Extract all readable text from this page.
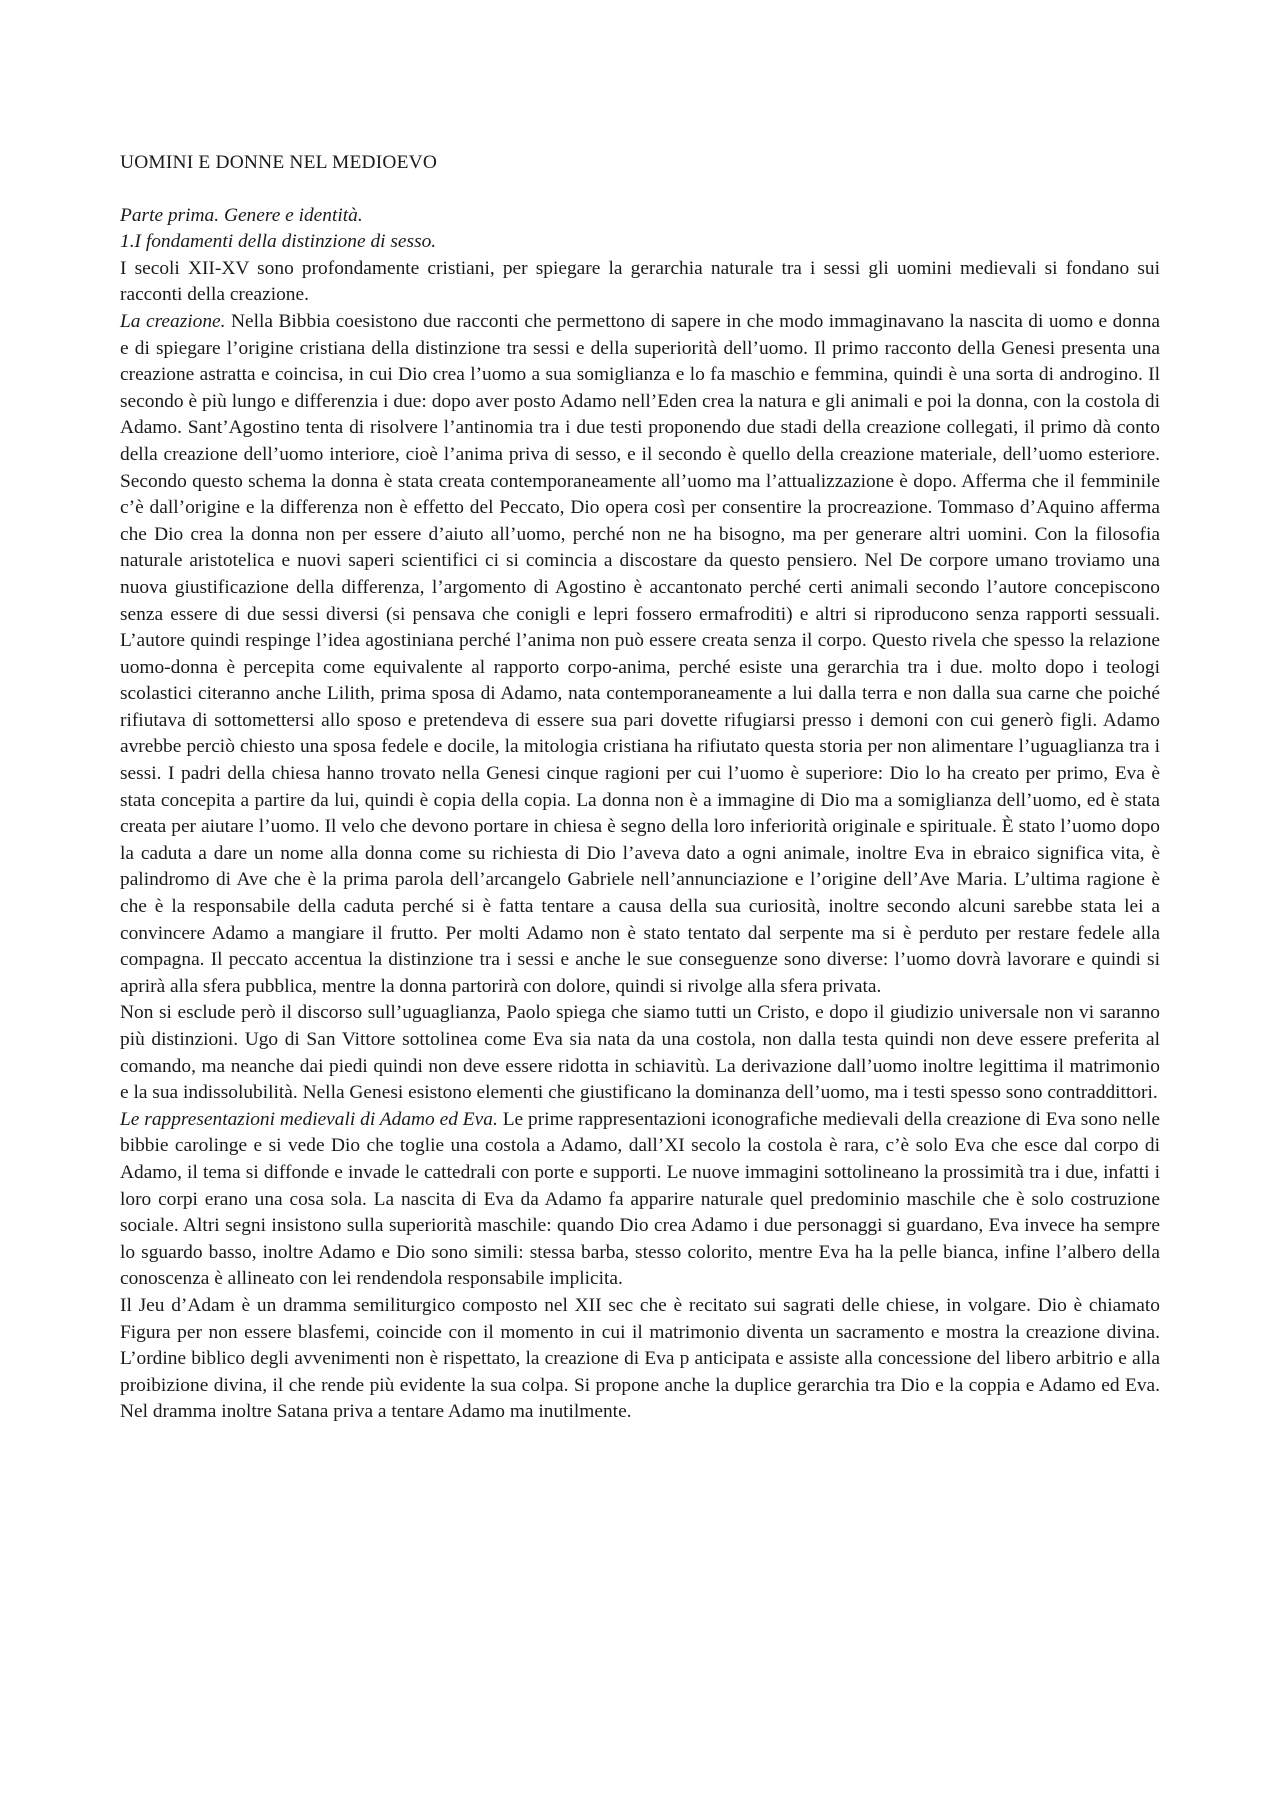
UOMINI E DONNE NEL MEDIOEVO

Parte prima. Genere e identità.

1.I fondamenti della distinzione di sesso.

I secoli XII-XV sono profondamente cristiani, per spiegare la gerarchia naturale tra i sessi gli uomini medievali si fondano sui racconti della creazione.

La creazione. Nella Bibbia coesistono due racconti che permettono di sapere in che modo immaginavano la nascita di uomo e donna e di spiegare l’origine cristiana della distinzione tra sessi e della superiorità dell’uomo. Il primo racconto della Genesi presenta una creazione astratta e coincisa, in cui Dio crea l’uomo a sua somiglianza e lo fa maschio e femmina, quindi è una sorta di androgino. Il secondo è più lungo e differenzia i due: dopo aver posto Adamo nell’Eden crea la natura e gli animali e poi la donna, con la costola di Adamo. Sant’Agostino tenta di risolvere l’antinomia tra i due testi proponendo due stadi della creazione collegati, il primo dà conto della creazione dell’uomo interiore, cioè l’anima priva di sesso, e il secondo è quello della creazione materiale, dell’uomo esteriore. Secondo questo schema la donna è stata creata contemporaneamente all’uomo ma l’attualizzazione è dopo. Afferma che il femminile c’è dall’origine e la differenza non è effetto del Peccato, Dio opera così per consentire la procreazione. Tommaso d’Aquino afferma che Dio crea la donna non per essere d’aiuto all’uomo, perché non ne ha bisogno, ma per generare altri uomini. Con la filosofia naturale aristotelica e nuovi saperi scientifici ci si comincia a discostare da questo pensiero. Nel De corpore umano troviamo una nuova giustificazione della differenza, l’argomento di Agostino è accantonato perché certi animali secondo l’autore concepiscono senza essere di due sessi diversi (si pensava che conigli e lepri fossero ermafroditi) e altri si riproducono senza rapporti sessuali. L’autore quindi respinge l’idea agostiniana perché l’anima non può essere creata senza il corpo. Questo rivela che spesso la relazione uomo-donna è percepita come equivalente al rapporto corpo-anima, perché esiste una gerarchia tra i due. molto dopo i teologi scolastici citeranno anche Lilith, prima sposa di Adamo, nata contemporaneamente a lui dalla terra e non dalla sua carne che poiché rifiutava di sottomettersi allo sposo e pretendeva di essere sua pari dovette rifugiarsi presso i demoni con cui generò figli. Adamo avrebbe perciò chiesto una sposa fedele e docile, la mitologia cristiana ha rifiutato questa storia per non alimentare l’uguaglianza tra i sessi. I padri della chiesa hanno trovato nella Genesi cinque ragioni per cui l’uomo è superiore: Dio lo ha creato per primo, Eva è stata concepita a partire da lui, quindi è copia della copia. La donna non è a immagine di Dio ma a somiglianza dell’uomo, ed è stata creata per aiutare l’uomo. Il velo che devono portare in chiesa è segno della loro inferiorità originale e spirituale. È stato l’uomo dopo la caduta a dare un nome alla donna come su richiesta di Dio l’aveva dato a ogni animale, inoltre Eva in ebraico significa vita, è palindromo di Ave che è la prima parola dell’arcangelo Gabriele nell’annunciazione e l’origine dell’Ave Maria. L’ultima ragione è che è la responsabile della caduta perché si è fatta tentare a causa della sua curiosità, inoltre secondo alcuni sarebbe stata lei a convincere Adamo a mangiare il frutto. Per molti Adamo non è stato tentato dal serpente ma si è perduto per restare fedele alla compagna. Il peccato accentua la distinzione tra i sessi e anche le sue conseguenze sono diverse: l’uomo dovrà lavorare e quindi si aprirà alla sfera pubblica, mentre la donna partorirà con dolore, quindi si rivolge alla sfera privata.

Non si esclude però il discorso sull’uguaglianza, Paolo spiega che siamo tutti un Cristo, e dopo il giudizio universale non vi saranno più distinzioni. Ugo di San Vittore sottolinea come Eva sia nata da una costola, non dalla testa quindi non deve essere preferita al comando, ma neanche dai piedi quindi non deve essere ridotta in schiavitù. La derivazione dall’uomo inoltre legittima il matrimonio e la sua indissolubilità. Nella Genesi esistono elementi che giustificano la dominanza dell’uomo, ma i testi spesso sono contraddittori.

Le rappresentazioni medievali di Adamo ed Eva. Le prime rappresentazioni iconografiche medievali della creazione di Eva sono nelle bibbie carolinge e si vede Dio che toglie una costola a Adamo, dall’XI secolo la costola è rara, c’è solo Eva che esce dal corpo di Adamo, il tema si diffonde e invade le cattedrali con porte e supporti. Le nuove immagini sottolineano la prossimità tra i due, infatti i loro corpi erano una cosa sola. La nascita di Eva da Adamo fa apparire naturale quel predominio maschile che è solo costruzione sociale. Altri segni insistono sulla superiorità maschile: quando Dio crea Adamo i due personaggi si guardano, Eva invece ha sempre lo sguardo basso, inoltre Adamo e Dio sono simili: stessa barba, stesso colorito, mentre Eva ha la pelle bianca, infine l’albero della conoscenza è allineato con lei rendendola responsabile implicita.

Il Jeu d’Adam è un dramma semiliturgico composto nel XII sec che è recitato sui sagrati delle chiese, in volgare. Dio è chiamato Figura per non essere blasfemi, coincide con il momento in cui il matrimonio diventa un sacramento e mostra la creazione divina. L’ordine biblico degli avvenimenti non è rispettato, la creazione di Eva p anticipata e assiste alla concessione del libero arbitrio e alla proibizione divina, il che rende più evidente la sua colpa. Si propone anche la duplice gerarchia tra Dio e la coppia e Adamo ed Eva. Nel dramma inoltre Satana priva a tentare Adamo ma inutilmente.
